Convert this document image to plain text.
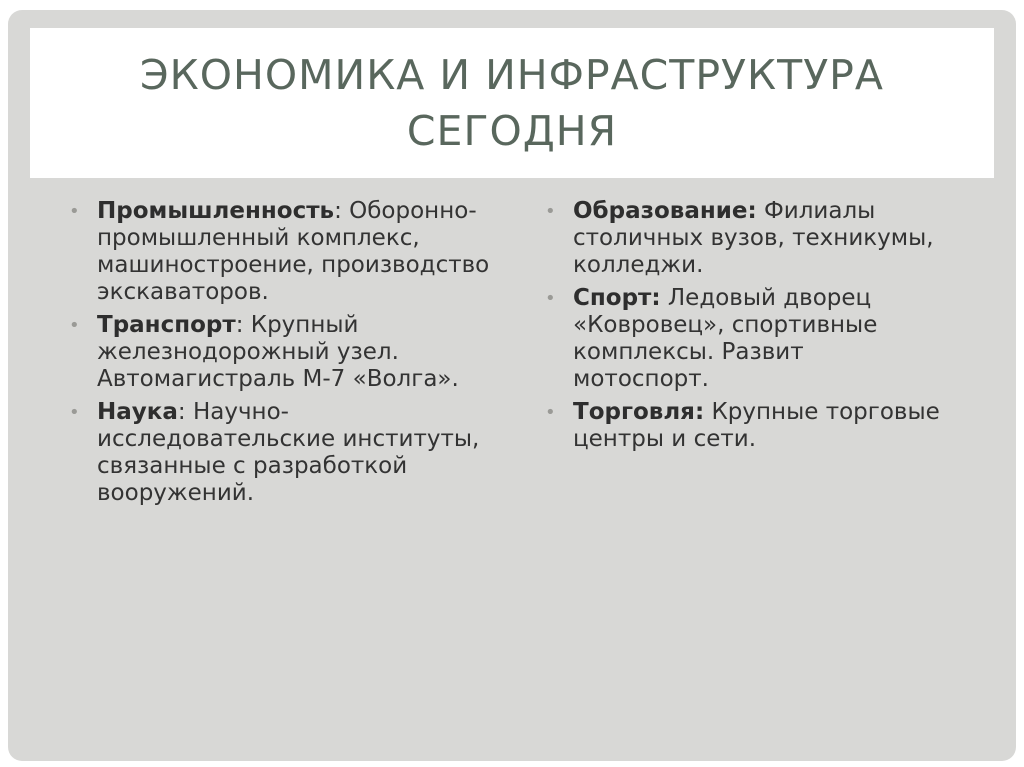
ЭКОНОМИКА И ИНФРАСТРУКТУРА
СЕГОДНЯ
• Промышленность: Оборонно-промышленный комплекс, машиностроение, производство экскаваторов.
• Транспорт: Крупный железнодорожный узел. Автомагистраль М-7 «Волга».
• Наука: Научно-исследовательские институты, связанные с разработкой вооружений.
• Образование: Филиалы столичных вузов, техникумы, колледжи.
• Спорт: Ледовый дворец «Ковровец», спортивные комплексы. Развит мотоспорт.
• Торговля: Крупные торговые центры и сети.
